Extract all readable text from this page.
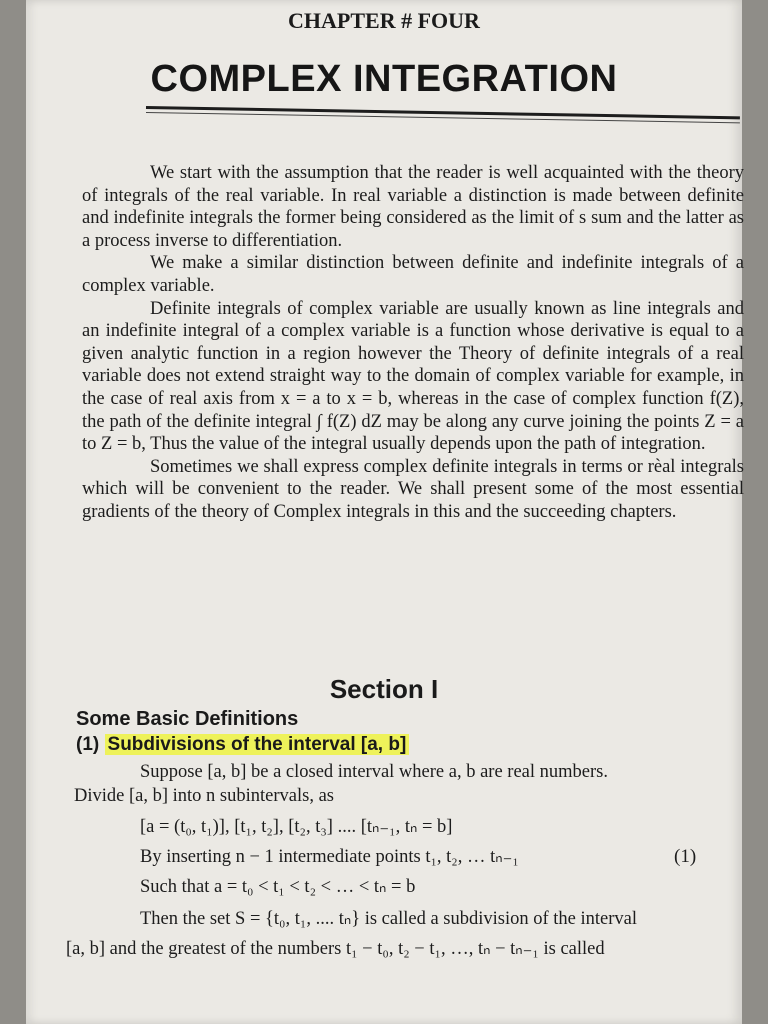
CHAPTER # FOUR
COMPLEX INTEGRATION

We start with the assumption that the reader is well acquainted with the theory of integrals of the real variable. In real variable a distinction is made between definite and indefinite integrals the former being considered as the limit of s sum and the latter as a process inverse to differentiation.

We make a similar distinction between definite and indefinite integrals of a complex variable.

Definite integrals of complex variable are usually known as line integrals and an indefinite integral of a complex variable is a function whose derivative is equal to a given analytic function in a region however the Theory of definite integrals of a real variable does not extend straight way to the domain of complex variable for example, in the case of real axis from x = a to x = b, whereas in the case of complex function f(Z), the path of the definite integral ∫ f(Z) dZ may be along any curve joining the points Z = a to Z = b, Thus the value of the integral usually depends upon the path of integration.

Sometimes we shall express complex definite integrals in terms or rèal integrals which will be convenient to the reader. We shall present some of the most essential gradients of the theory of Complex integrals in this and the succeeding chapters.

Section I
Some Basic Definitions
(1) Subdivisions of the interval [a, b]
Suppose [a, b] be a closed interval where a, b are real numbers.
Divide [a, b] into n subintervals, as
[a = (t₀, t₁)], [t₁, t₂], [t₂, t₃] .... [tₙ₋₁, tₙ = b]
By inserting n − 1 intermediate points t₁, t₂, … tₙ₋₁	(1)
Such that a = t₀ < t₁ < t₂ < … < tₙ = b
Then the set S = {t₀, t₁, .... tₙ} is called a subdivision of the interval
[a, b] and the greatest of the numbers t₁ − t₀, t₂ − t₁, …, tₙ − tₙ₋₁ is called
